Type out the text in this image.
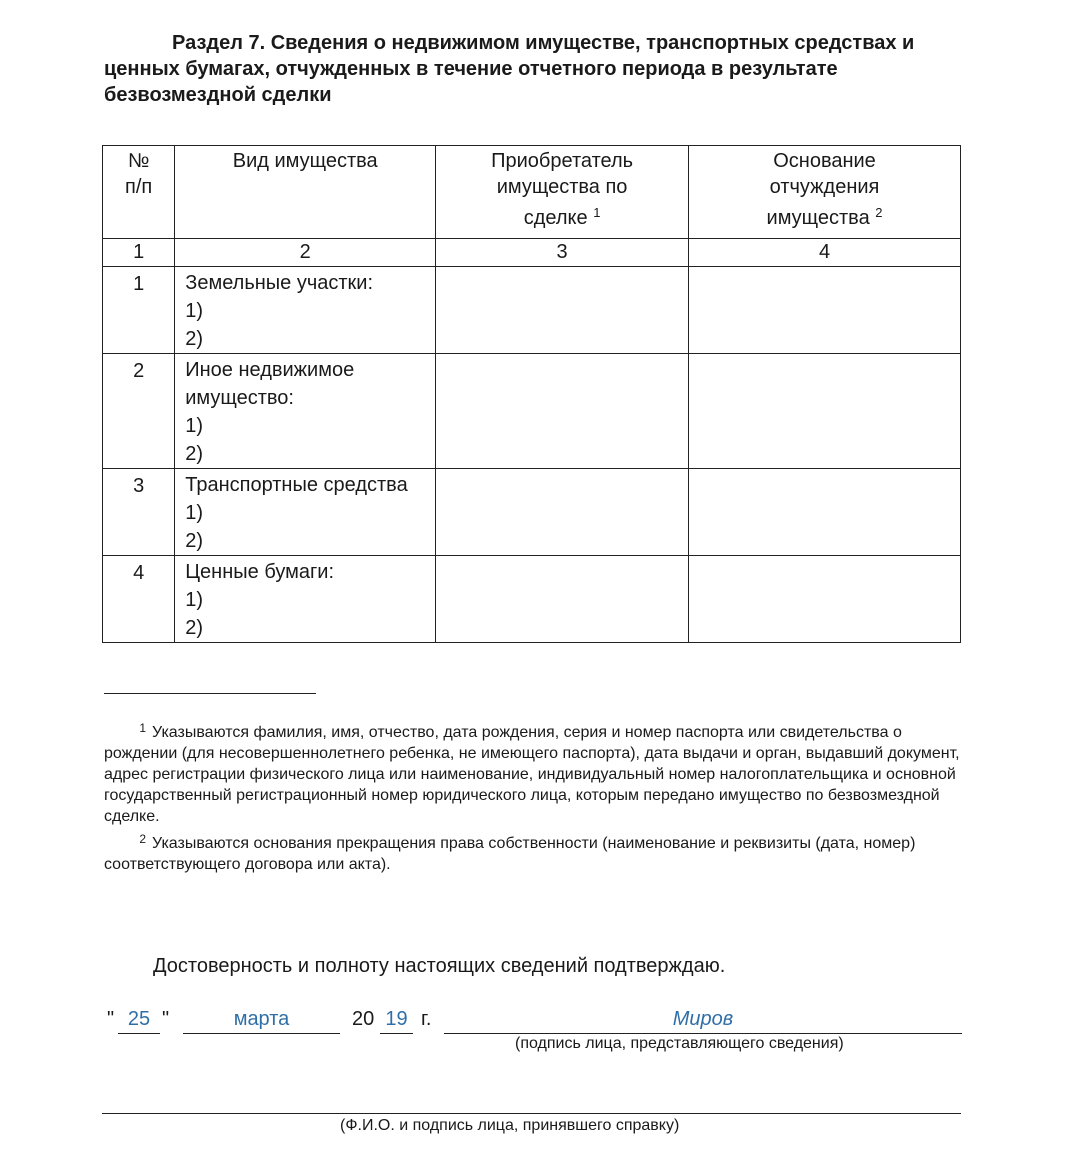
Раздел 7. Сведения о недвижимом имуществе, транспортных средствах и ценных бумагах, отчужденных в течение отчетного периода в результате безвозмездной сделки
№ п/п	Вид имущества	Приобретатель имущества по сделке $^1$	Основание отчуждения имущества $^2$

1	2	3	4
1	Земельные участки:
1)
2)		

2	Иное недвижимое имущество:
1)
2)		

3	Транспортные средства
1)
2)		

4	Ценные бумаги:
1)
2)		

1 Указываются фамилия, имя, отчество, дата рождения, серия и номер паспорта или свидетельства о рождении (для несовершеннолетнего ребенка, не имеющего паспорта), дата выдачи и орган, выдавший документ, адрес регистрации физического лица или наименование, индивидуальный номер налогоплательщика и основной государственный регистрационный номер юридического лица, которым передано имущество по безвозмездной сделке.
2 Указываются основания прекращения права собственности (наименование и реквизиты (дата, номер) соответствующего договора или акта).
Достоверность и полноту настоящих сведений подтверждаю.
" 25 "	марта	20 19 г.	Миров
(подпись лица, представляющего сведения)
(Ф.И.О. и подпись лица, принявшего справку)
